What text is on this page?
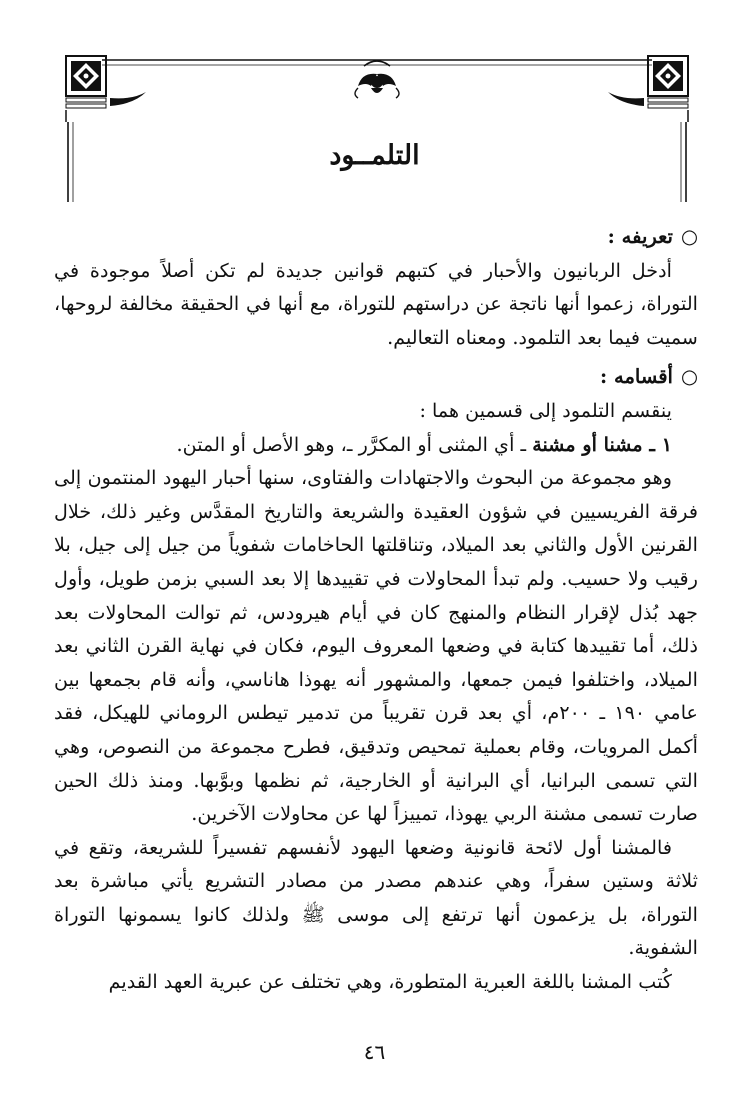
التلمــود
○تعريفه :

أدخل الربانيون والأحبار في كتبهم قوانين جديدة لم تكن أصلاً موجودة في التوراة، زعموا أنها ناتجة عن دراستهم للتوراة، مع أنها في الحقيقة مخالفة لروحها، سميت فيما بعد التلمود. ومعناه التعاليم.

○أقسامه :

ينقسم التلمود إلى قسمين هما :

١ ـ مشنا أو مشنة ـ أي المثنى أو المكرَّر ـ، وهو الأصل أو المتن.

وهو مجموعة من البحوث والاجتهادات والفتاوى، سنها أحبار اليهود المنتمون إلى فرقة الفريسيين في شؤون العقيدة والشريعة والتاريخ المقدَّس وغير ذلك، خلال القرنين الأول والثاني بعد الميلاد، وتناقلتها الحاخامات شفوياً من جيل إلى جيل، بلا رقيب ولا حسيب. ولم تبدأ المحاولات في تقييدها إلا بعد السبي بزمن طويل، وأول جهد بُذل لإقرار النظام والمنهج كان في أيام هيرودس، ثم توالت المحاولات بعد ذلك، أما تقييدها كتابة في وضعها المعروف اليوم، فكان في نهاية القرن الثاني بعد الميلاد، واختلفوا فيمن جمعها، والمشهور أنه يهوذا هاناسي، وأنه قام بجمعها بين عامي ١٩٠ ـ ٢٠٠م، أي بعد قرن تقريباً من تدمير تيطس الروماني للهيكل، فقد أكمل المرويات، وقام بعملية تمحيص وتدقيق، فطرح مجموعة من النصوص، وهي التي تسمى البرانيا، أي البرانية أو الخارجية، ثم نظمها وبوَّبها. ومنذ ذلك الحين صارت تسمى مشنة الربي يهوذا، تمييزاً لها عن محاولات الآخرين.

فالمشنا أول لائحة قانونية وضعها اليهود لأنفسهم تفسيراً للشريعة، وتقع في ثلاثة وستين سفراً، وهي عندهم مصدر من مصادر التشريع يأتي مباشرة بعد التوراة، بل يزعمون أنها ترتفع إلى موسى ﷺ ولذلك كانوا يسمونها التوراة الشفوية.

كُتب المشنا باللغة العبرية المتطورة، وهي تختلف عن عبرية العهد القديم

٤٦
